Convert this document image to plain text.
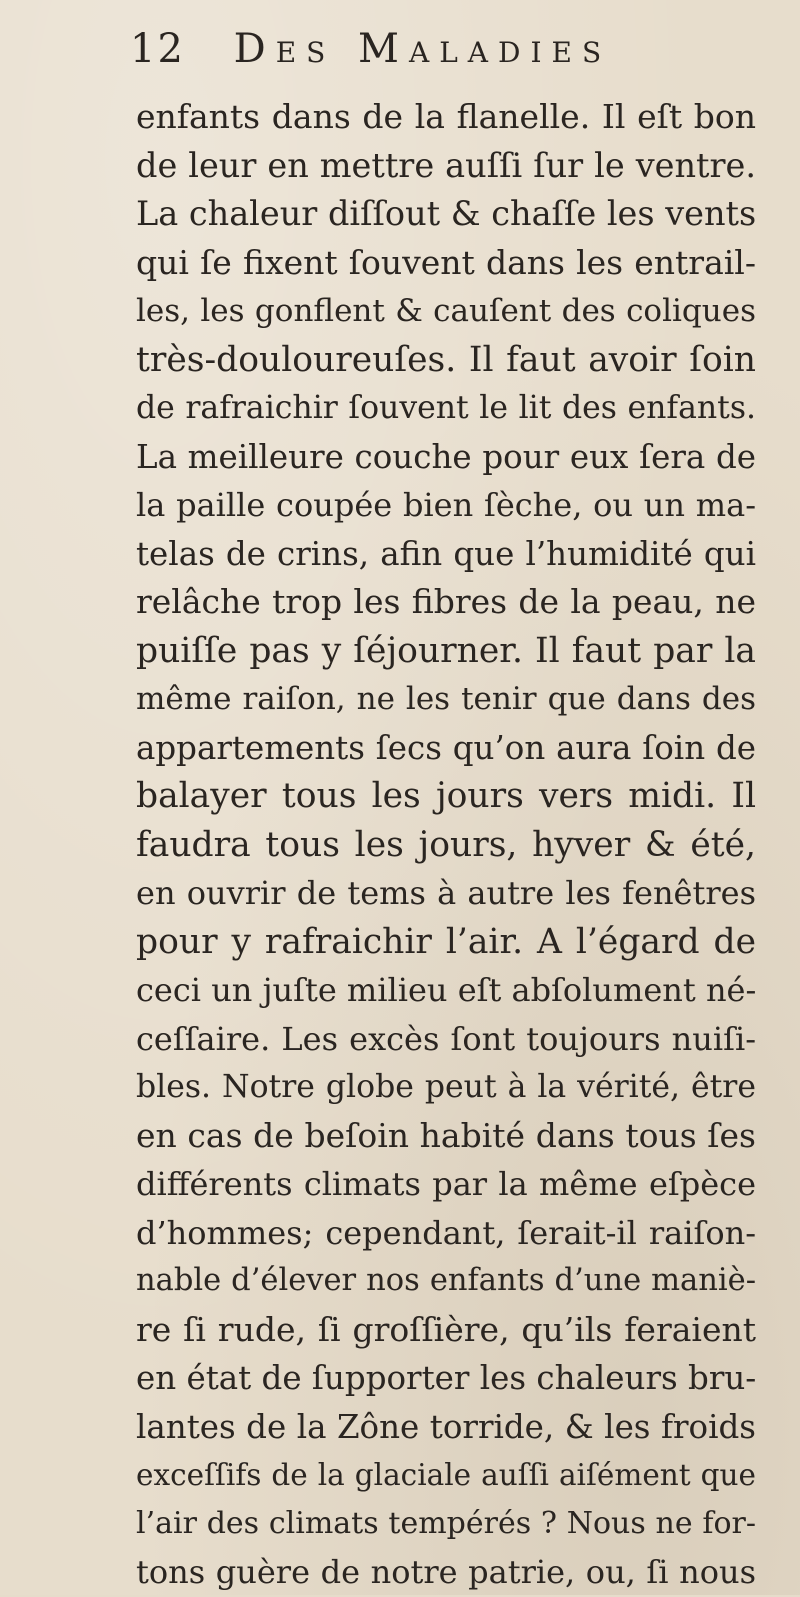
12 Des Maladies
enfants dans de la flanelle. Il eſt bon
de leur en mettre auſſi ſur le ventre.
La chaleur diſſout & chaſſe les vents
qui ſe fixent ſouvent dans les entrail-
les, les gonflent & cauſent des coliques
très-douloureuſes. Il faut avoir ſoin
de rafraichir ſouvent le lit des enfants.
La meilleure couche pour eux ſera de
la paille coupée bien ſèche, ou un ma-
telas de crins, afin que l’humidité qui
relâche trop les fibres de la peau, ne
puiſſe pas y ſéjourner. Il faut par la
même raiſon, ne les tenir que dans des
appartements ſecs qu’on aura ſoin de
balayer tous les jours vers midi. Il
faudra tous les jours, hyver & été,
en ouvrir de tems à autre les fenêtres
pour y rafraichir l’air. A l’égard de
ceci un juſte milieu eſt abſolument né-
ceſſaire. Les excès ſont toujours nuiſi-
bles. Notre globe peut à la vérité, être
en cas de beſoin habité dans tous ſes
différents climats par la même eſpèce
d’hommes; cependant, ſerait-il raiſon-
nable d’élever nos enfants d’une maniè-
re ſi rude, ſi groſſière, qu’ils feraient
en état de ſupporter les chaleurs bru-
lantes de la Zône torride, & les froids
exceſſifs de la glaciale auſſi aiſément que
l’air des climats tempérés ? Nous ne for-
tons guère de notre patrie, ou, ſi nous
